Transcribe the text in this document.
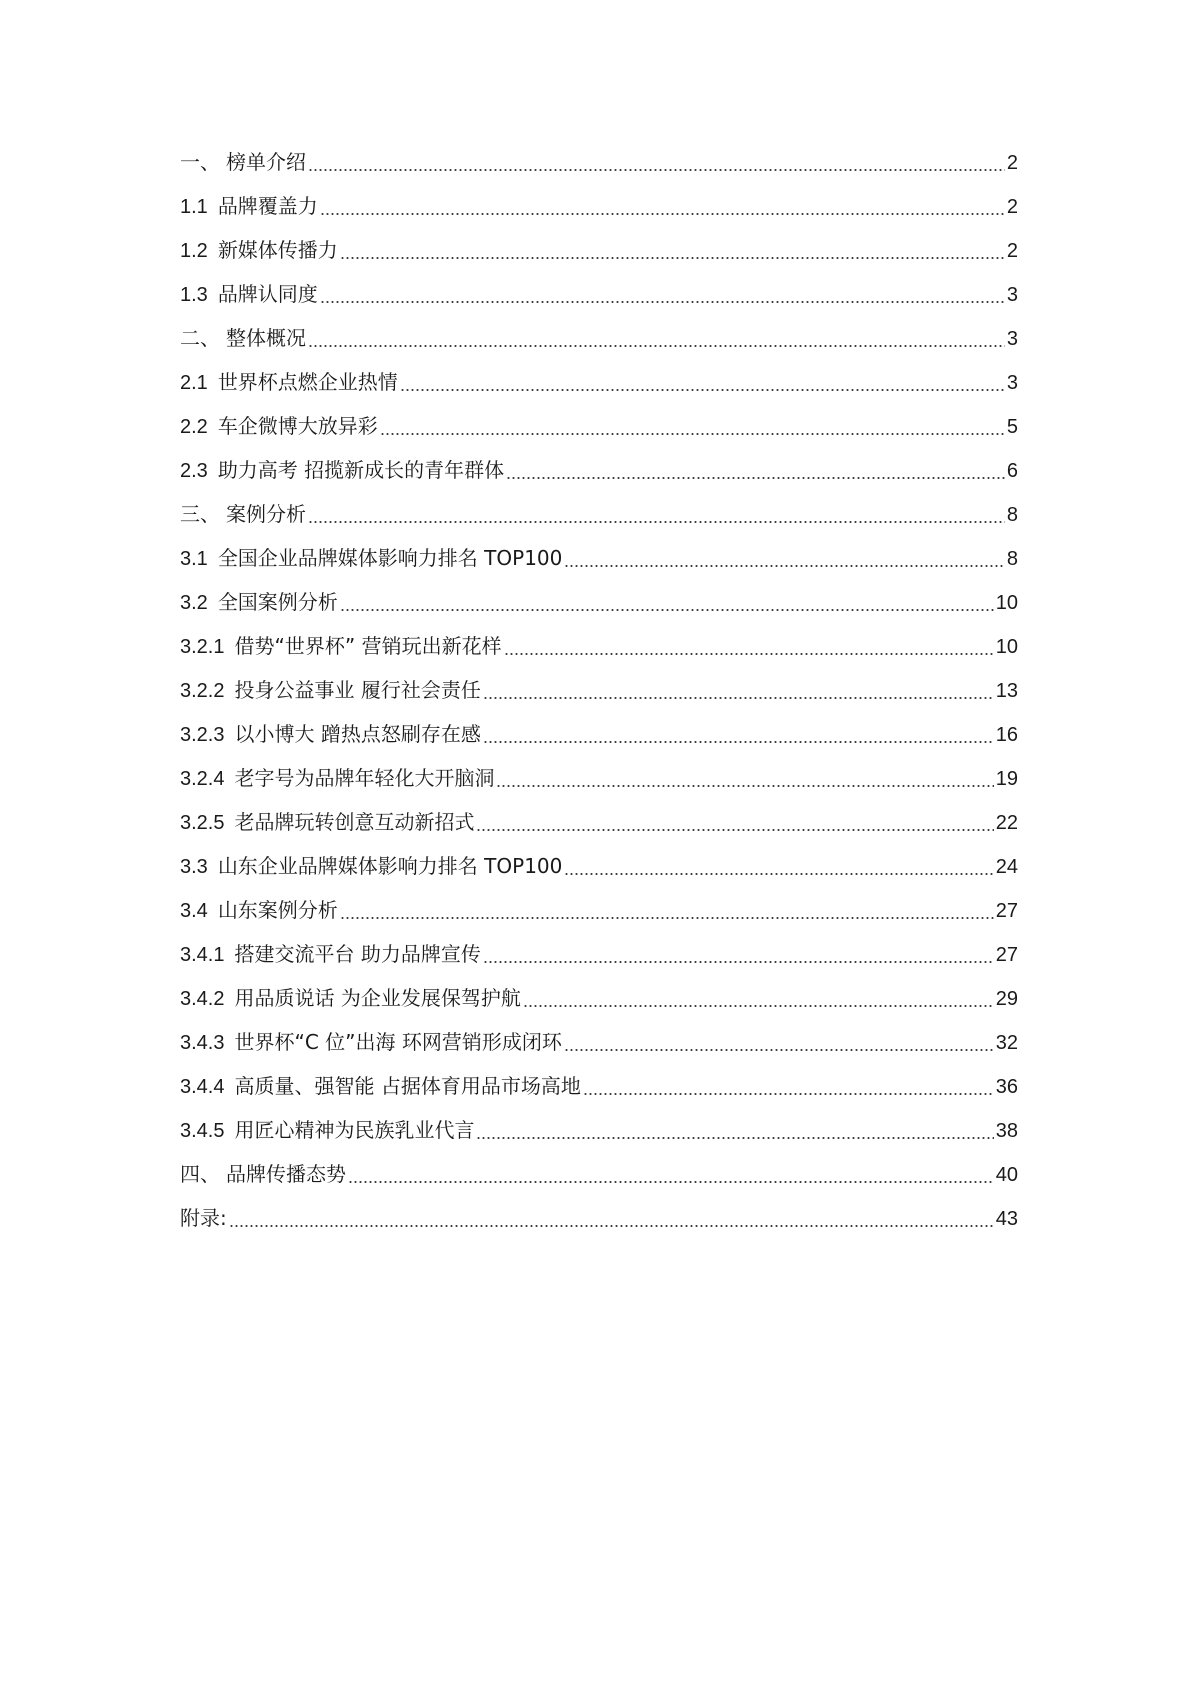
一、 榜单介绍	2
1.1 品牌覆盖力	2
1.2 新媒体传播力	2
1.3 品牌认同度	3
二、 整体概况	3
2.1 世界杯点燃企业热情	3
2.2 车企微博大放异彩	5
2.3 助力高考 招揽新成长的青年群体	6
三、 案例分析	8
3.1 全国企业品牌媒体影响力排名 TOP100	8
3.2 全国案例分析	10
3.2.1 借势“世界杯” 营销玩出新花样	10
3.2.2 投身公益事业 履行社会责任	13
3.2.3 以小博大 蹭热点怒刷存在感	16
3.2.4 老字号为品牌年轻化大开脑洞	19
3.2.5 老品牌玩转创意互动新招式	22
3.3 山东企业品牌媒体影响力排名 TOP100	24
3.4 山东案例分析	27
3.4.1 搭建交流平台 助力品牌宣传	27
3.4.2 用品质说话 为企业发展保驾护航	29
3.4.3 世界杯“C 位”出海 环网营销形成闭环	32
3.4.4 高质量、强智能 占据体育用品市场高地	36
3.4.5 用匠心精神为民族乳业代言	38
四、 品牌传播态势	40
附录:	43
